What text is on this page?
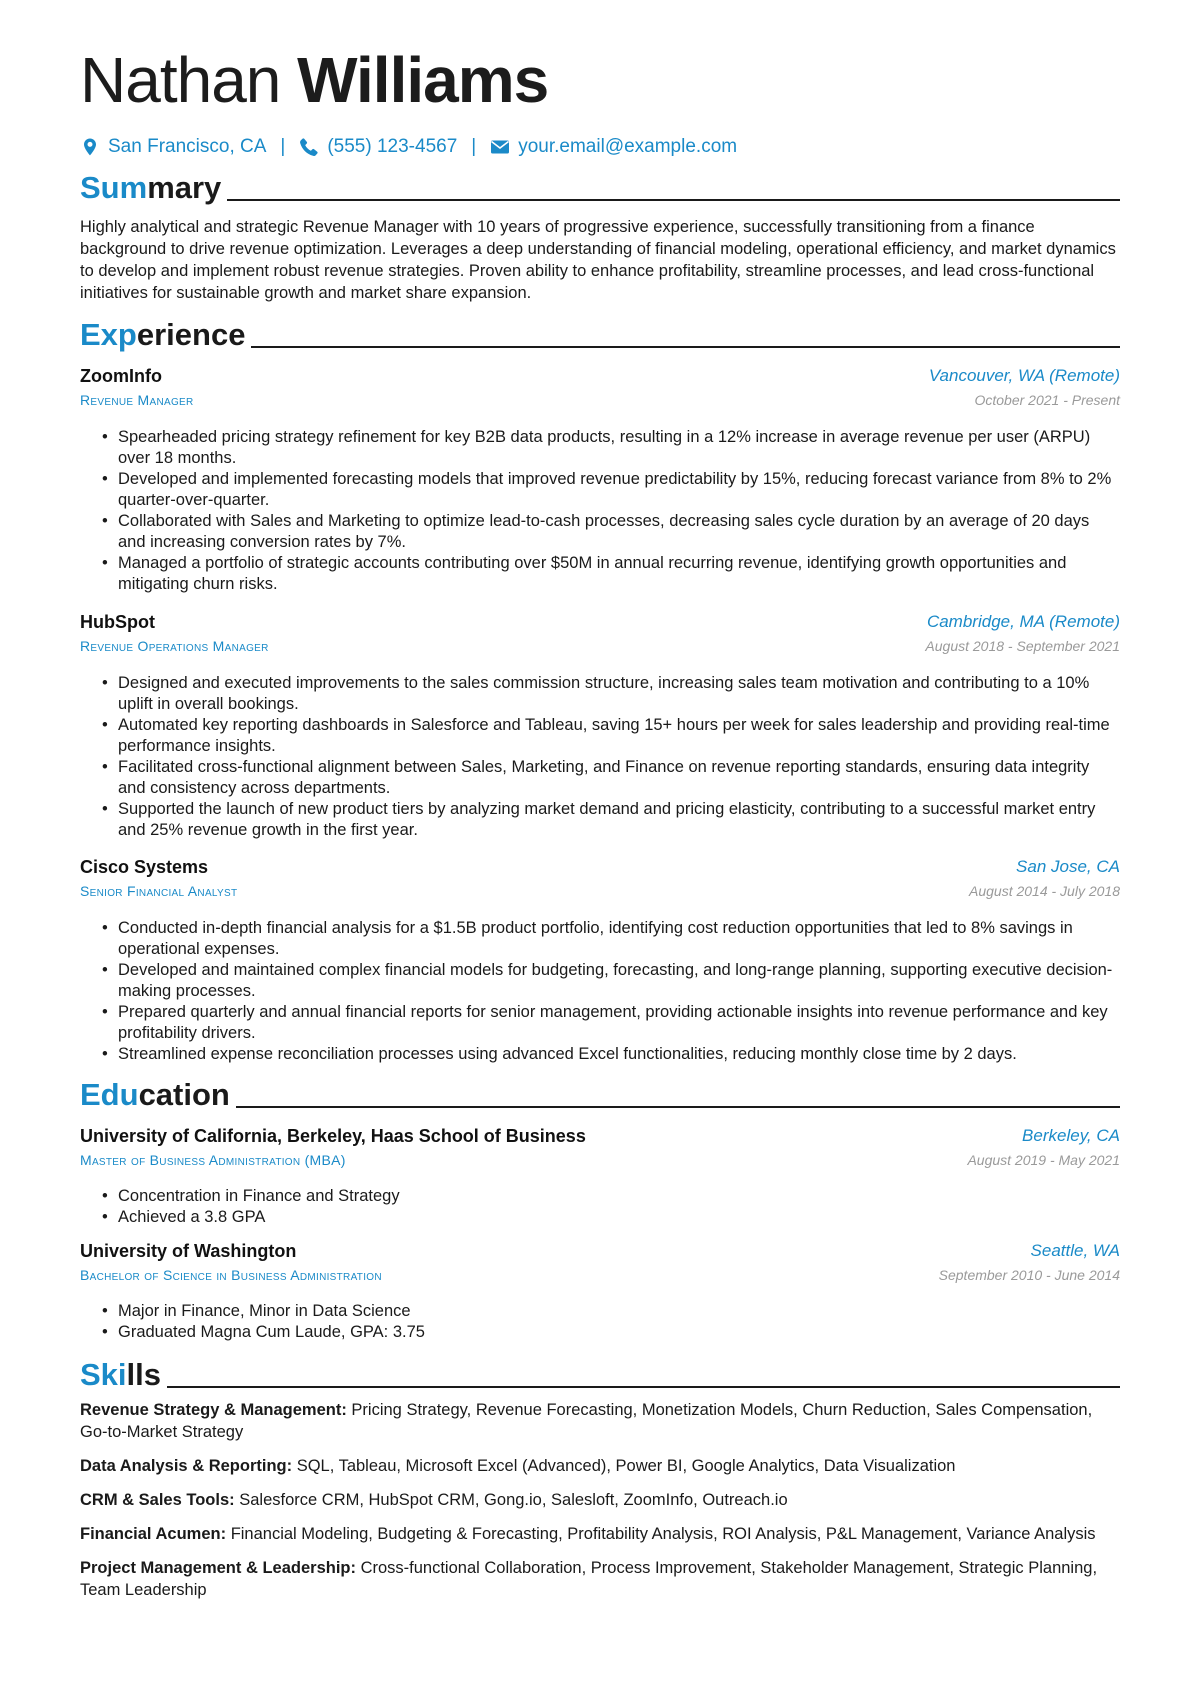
Nathan Williams
San Francisco, CA | (555) 123-4567 | your.email@example.com
Summary
Highly analytical and strategic Revenue Manager with 10 years of progressive experience, successfully transitioning from a finance background to drive revenue optimization. Leverages a deep understanding of financial modeling, operational efficiency, and market dynamics to develop and implement robust revenue strategies. Proven ability to enhance profitability, streamline processes, and lead cross-functional initiatives for sustainable growth and market share expansion.
Experience
ZoomInfo	Vancouver, WA (Remote)
Revenue Manager	October 2021 - Present
• Spearheaded pricing strategy refinement for key B2B data products, resulting in a 12% increase in average revenue per user (ARPU) over 18 months.
• Developed and implemented forecasting models that improved revenue predictability by 15%, reducing forecast variance from 8% to 2% quarter-over-quarter.
• Collaborated with Sales and Marketing to optimize lead-to-cash processes, decreasing sales cycle duration by an average of 20 days and increasing conversion rates by 7%.
• Managed a portfolio of strategic accounts contributing over $50M in annual recurring revenue, identifying growth opportunities and mitigating churn risks.
HubSpot	Cambridge, MA (Remote)
Revenue Operations Manager	August 2018 - September 2021
• Designed and executed improvements to the sales commission structure, increasing sales team motivation and contributing to a 10% uplift in overall bookings.
• Automated key reporting dashboards in Salesforce and Tableau, saving 15+ hours per week for sales leadership and providing real-time performance insights.
• Facilitated cross-functional alignment between Sales, Marketing, and Finance on revenue reporting standards, ensuring data integrity and consistency across departments.
• Supported the launch of new product tiers by analyzing market demand and pricing elasticity, contributing to a successful market entry and 25% revenue growth in the first year.
Cisco Systems	San Jose, CA
Senior Financial Analyst	August 2014 - July 2018
• Conducted in-depth financial analysis for a $1.5B product portfolio, identifying cost reduction opportunities that led to 8% savings in operational expenses.
• Developed and maintained complex financial models for budgeting, forecasting, and long-range planning, supporting executive decision-making processes.
• Prepared quarterly and annual financial reports for senior management, providing actionable insights into revenue performance and key profitability drivers.
• Streamlined expense reconciliation processes using advanced Excel functionalities, reducing monthly close time by 2 days.
Education
University of California, Berkeley, Haas School of Business	Berkeley, CA
Master of Business Administration (MBA)	August 2019 - May 2021
• Concentration in Finance and Strategy
• Achieved a 3.8 GPA
University of Washington	Seattle, WA
Bachelor of Science in Business Administration	September 2010 - June 2014
• Major in Finance, Minor in Data Science
• Graduated Magna Cum Laude, GPA: 3.75
Skills
Revenue Strategy & Management: Pricing Strategy, Revenue Forecasting, Monetization Models, Churn Reduction, Sales Compensation, Go-to-Market Strategy
Data Analysis & Reporting: SQL, Tableau, Microsoft Excel (Advanced), Power BI, Google Analytics, Data Visualization
CRM & Sales Tools: Salesforce CRM, HubSpot CRM, Gong.io, Salesloft, ZoomInfo, Outreach.io
Financial Acumen: Financial Modeling, Budgeting & Forecasting, Profitability Analysis, ROI Analysis, P&L Management, Variance Analysis
Project Management & Leadership: Cross-functional Collaboration, Process Improvement, Stakeholder Management, Strategic Planning, Team Leadership
